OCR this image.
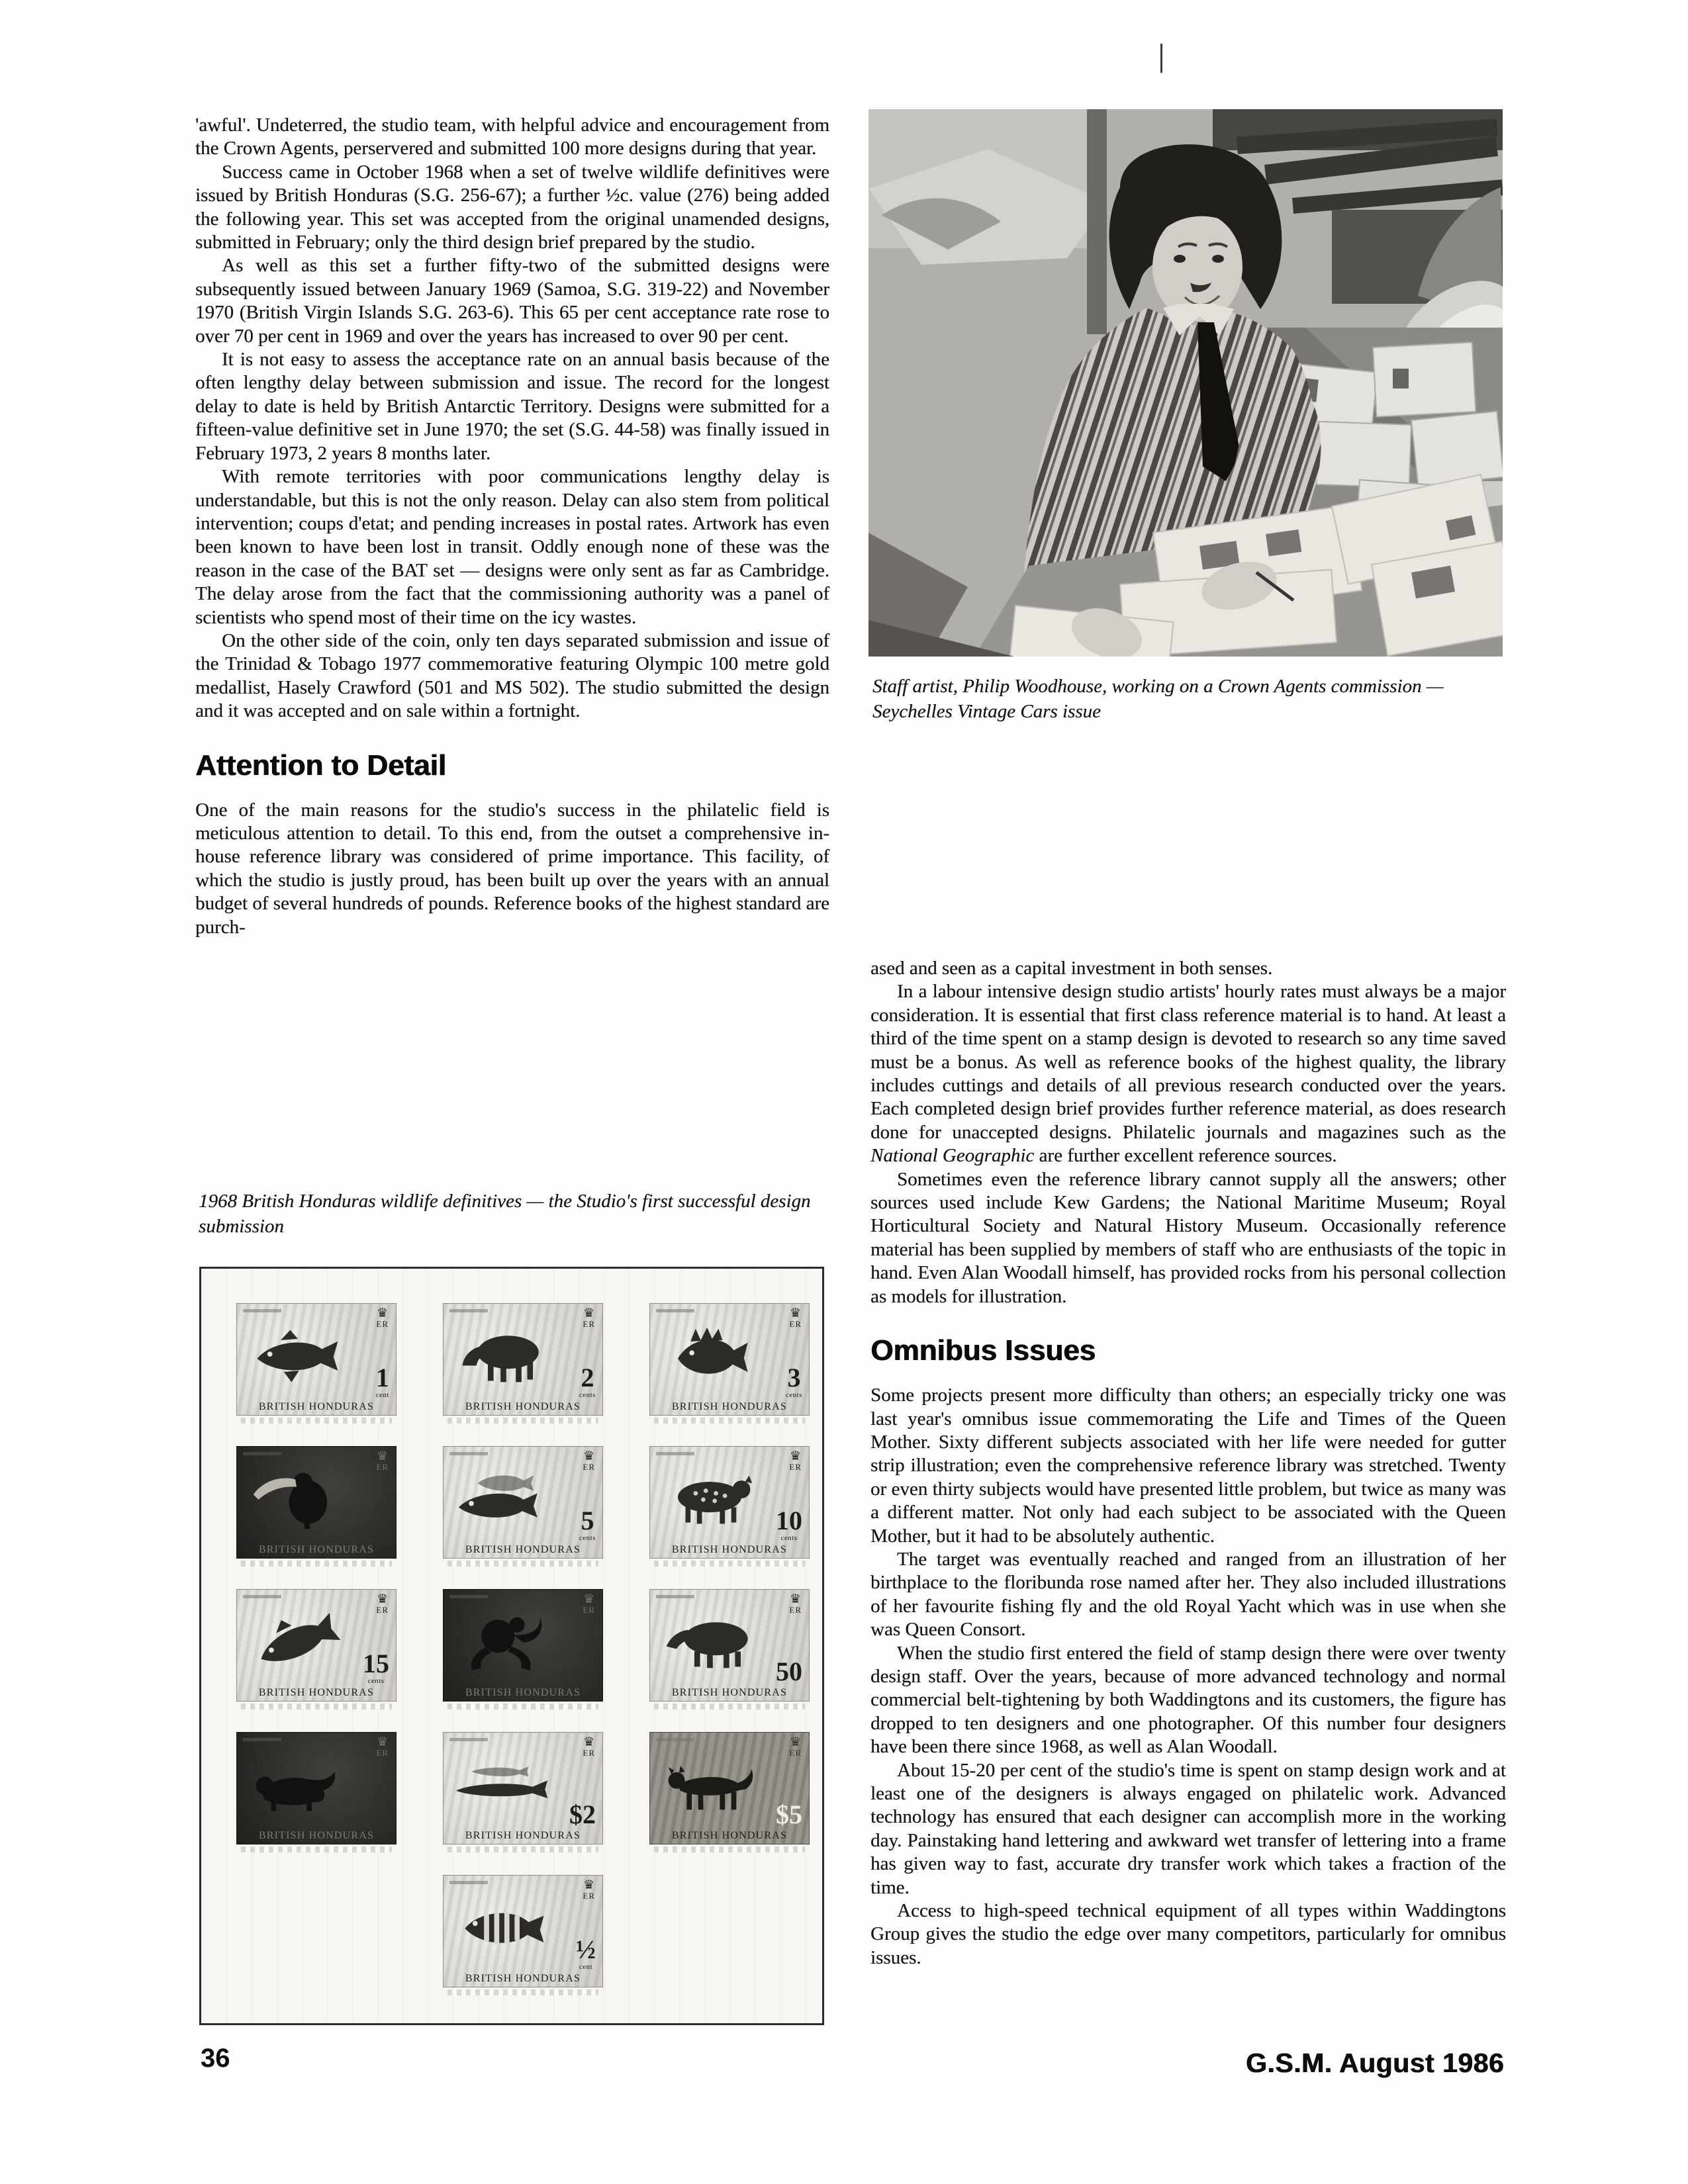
'awful'. Undeterred, the studio team, with helpful advice and encouragement from the Crown Agents, perservered and submitted 100 more designs during that year.

Success came in October 1968 when a set of twelve wildlife definitives were issued by British Honduras (S.G. 256-67); a further ½c. value (276) being added the following year. This set was accepted from the original unamended designs, submitted in February; only the third design brief prepared by the studio.

As well as this set a further fifty-two of the submitted designs were subsequently issued between January 1969 (Samoa, S.G. 319-22) and November 1970 (British Virgin Islands S.G. 263-6). This 65 per cent acceptance rate rose to over 70 per cent in 1969 and over the years has increased to over 90 per cent.

It is not easy to assess the acceptance rate on an annual basis because of the often lengthy delay between submission and issue. The record for the longest delay to date is held by British Antarctic Territory. Designs were submitted for a fifteen-value definitive set in June 1970; the set (S.G. 44-58) was finally issued in February 1973, 2 years 8 months later.

With remote territories with poor communications lengthy delay is understandable, but this is not the only reason. Delay can also stem from political intervention; coups d'etat; and pending increases in postal rates. Artwork has even been known to have been lost in transit. Oddly enough none of these was the reason in the case of the BAT set — designs were only sent as far as Cambridge. The delay arose from the fact that the commissioning authority was a panel of scientists who spend most of their time on the icy wastes.

On the other side of the coin, only ten days separated submission and issue of the Trinidad & Tobago 1977 commemorative featuring Olympic 100 metre gold medallist, Hasely Crawford (501 and MS 502). The studio submitted the design and it was accepted and on sale within a fortnight.

Attention to Detail

One of the main reasons for the studio's success in the philatelic field is meticulous attention to detail. To this end, from the outset a comprehensive in-house reference library was considered of prime importance. This facility, of which the studio is justly proud, has been built up over the years with an annual budget of several hundreds of pounds. Reference books of the highest standard are purch-

Staff artist, Philip Woodhouse, working on a Crown Agents commission — Seychelles Vintage Cars issue
1968 British Honduras wildlife definitives — the Studio's first successful design submission
♛
ER
1
cent
BRITISH HONDURAS
♛
ER
2
cents
BRITISH HONDURAS
♛
ER
3
cents
BRITISH HONDURAS
♛
ER
BRITISH HONDURAS
♛
ER
5
cents
BRITISH HONDURAS
♛
ER
10
cents
BRITISH HONDURAS
♛
ER
15
cents
BRITISH HONDURAS
♛
ER
BRITISH HONDURAS
♛
ER
50
BRITISH HONDURAS
♛
ER
BRITISH HONDURAS
♛
ER
$2
BRITISH HONDURAS
♛
ER
$5
BRITISH HONDURAS
♛
ER
½
cent
BRITISH HONDURAS

ased and seen as a capital investment in both senses.

In a labour intensive design studio artists' hourly rates must always be a major consideration. It is essential that first class reference material is to hand. At least a third of the time spent on a stamp design is devoted to research so any time saved must be a bonus. As well as reference books of the highest quality, the library includes cuttings and details of all previous research conducted over the years. Each completed design brief provides further reference material, as does research done for unaccepted designs. Philatelic journals and magazines such as the National Geographic are further excellent reference sources.

Sometimes even the reference library cannot supply all the answers; other sources used include Kew Gardens; the National Maritime Museum; Royal Horticultural Society and Natural History Museum. Occasionally reference material has been supplied by members of staff who are enthusiasts of the topic in hand. Even Alan Woodall himself, has provided rocks from his personal collection as models for illustration.

Omnibus Issues

Some projects present more difficulty than others; an especially tricky one was last year's omnibus issue commemorating the Life and Times of the Queen Mother. Sixty different subjects associated with her life were needed for gutter strip illustration; even the comprehensive reference library was stretched. Twenty or even thirty subjects would have presented little problem, but twice as many was a different matter. Not only had each subject to be associated with the Queen Mother, but it had to be absolutely authentic.

The target was eventually reached and ranged from an illustration of her birthplace to the floribunda rose named after her. They also included illustrations of her favourite fishing fly and the old Royal Yacht which was in use when she was Queen Consort.

When the studio first entered the field of stamp design there were over twenty design staff. Over the years, because of more advanced technology and normal commercial belt-tightening by both Waddingtons and its customers, the figure has dropped to ten designers and one photographer. Of this number four designers have been there since 1968, as well as Alan Woodall.

About 15-20 per cent of the studio's time is spent on stamp design work and at least one of the designers is always engaged on philatelic work. Advanced technology has ensured that each designer can accomplish more in the working day. Painstaking hand lettering and awkward wet transfer of lettering into a frame has given way to fast, accurate dry transfer work which takes a fraction of the time.

Access to high-speed technical equipment of all types within Waddingtons Group gives the studio the edge over many competitors, particularly for omnibus issues.

36	G.S.M. August 1986
